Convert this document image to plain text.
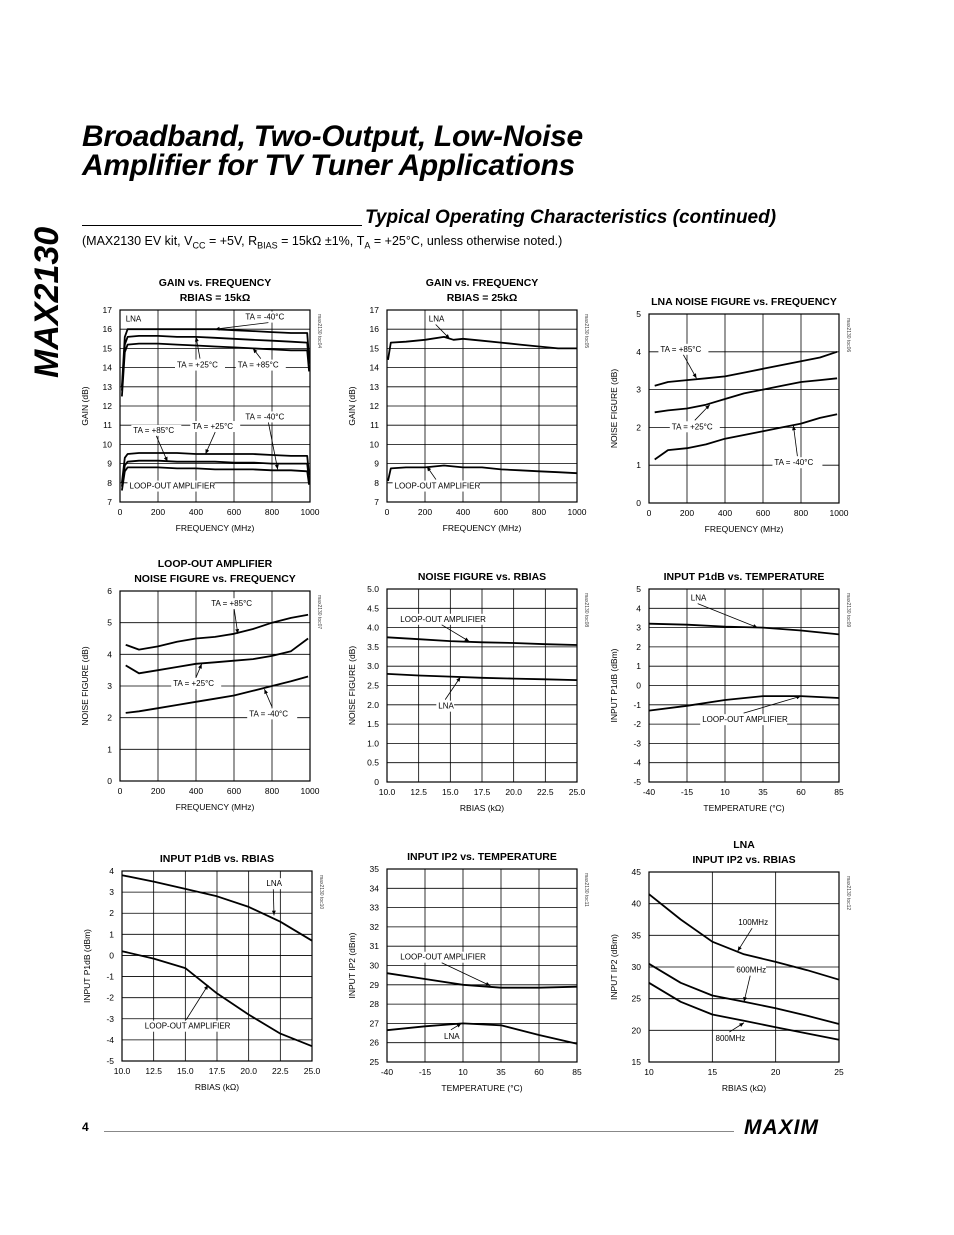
Broadband, Two-Output, Low-Noise
Amplifier for TV Tuner Applications
MAX2130
Typical Operating Characteristics (continued)
(MAX2130 EV kit, $V_{CC} = +5V$, $R_{BIAS} = 15k\Omega \pm 1\%$, $T_A = +25^\circ C$, unless otherwise noted.)
GAIN vs. FREQUENCY
RBIAS = 15kΩ
0	200	400	600	800	1000
7
8
9
10
11
12
13
14
15
16
17
FREQUENCY (MHz)
GAIN (dB)
max2130 toc04
LNA	TA = -40°C
TA = +25°C TA = +85°C
TA = +85°C TA = +25°C
TA = -40°C
LOOP-OUT AMPLIFIER
GAIN vs. FREQUENCY
RBIAS = 25kΩ
0	200	400	600	800	1000
7
8
9
10
11
12
13
14
15
16
17
FREQUENCY (MHz)
GAIN (dB)
max2130 toc05
LNA
LOOP-OUT AMPLIFIER
LNA NOISE FIGURE vs. FREQUENCY
0	200	400	600	800	1000
0
1
2
3
4
5
FREQUENCY (MHz)
NOISE FIGURE (dB)
max2130 toc06
TA = +85°C
TA = +25°C
TA = -40°C
LOOP-OUT AMPLIFIER
NOISE FIGURE vs. FREQUENCY
0	200	400	600	800	1000
0
1
2
3
4
5
6
FREQUENCY (MHz)
NOISE FIGURE (dB)
max2130 toc07
TA = +85°C
TA = +25°C
TA = -40°C
NOISE FIGURE vs. RBIAS
10.0 12.5 15.0 17.5 20.0 22.5 25.0
0
0.5
1.0
1.5
2.0
2.5
3.0
3.5
4.0
4.5
5.0
RBIAS (kΩ)
NOISE FIGURE (dB)
max2130 toc08
LOOP-OUT AMPLIFIER
LNA
INPUT P1dB vs. TEMPERATURE
-40	-15	10	35	60	85
-5
-4
-3
-2
-1
0
1
2
3
4
5
TEMPERATURE (°C)
INPUT P1dB (dBm)
max2130 toc09
LNA
LOOP-OUT AMPLIFIER
INPUT P1dB vs. RBIAS
10.0 12.5 15.0 17.5 20.0 22.5 25.0
-5
-4
-3
-2
-1
0
1
2
3
4
RBIAS (kΩ)
INPUT P1dB (dBm)
max2130 toc10
LNA
LOOP-OUT AMPLIFIER
INPUT IP2 vs. TEMPERATURE
-40	-15	10	35	60	85
25
26
27
28
29
30
31
32
33
34
35
TEMPERATURE (°C)
INPUT IP2 (dBm)
max2130 toc11
LOOP-OUT AMPLIFIER
LNA
LNA
INPUT IP2 vs. RBIAS
10	15	20	25
15
20
25
30
35
40
45
RBIAS (kΩ)
INPUT IP2 (dBm)
max2130 toc12
100MHz
600MHz
800MHz
4	MAXIM
